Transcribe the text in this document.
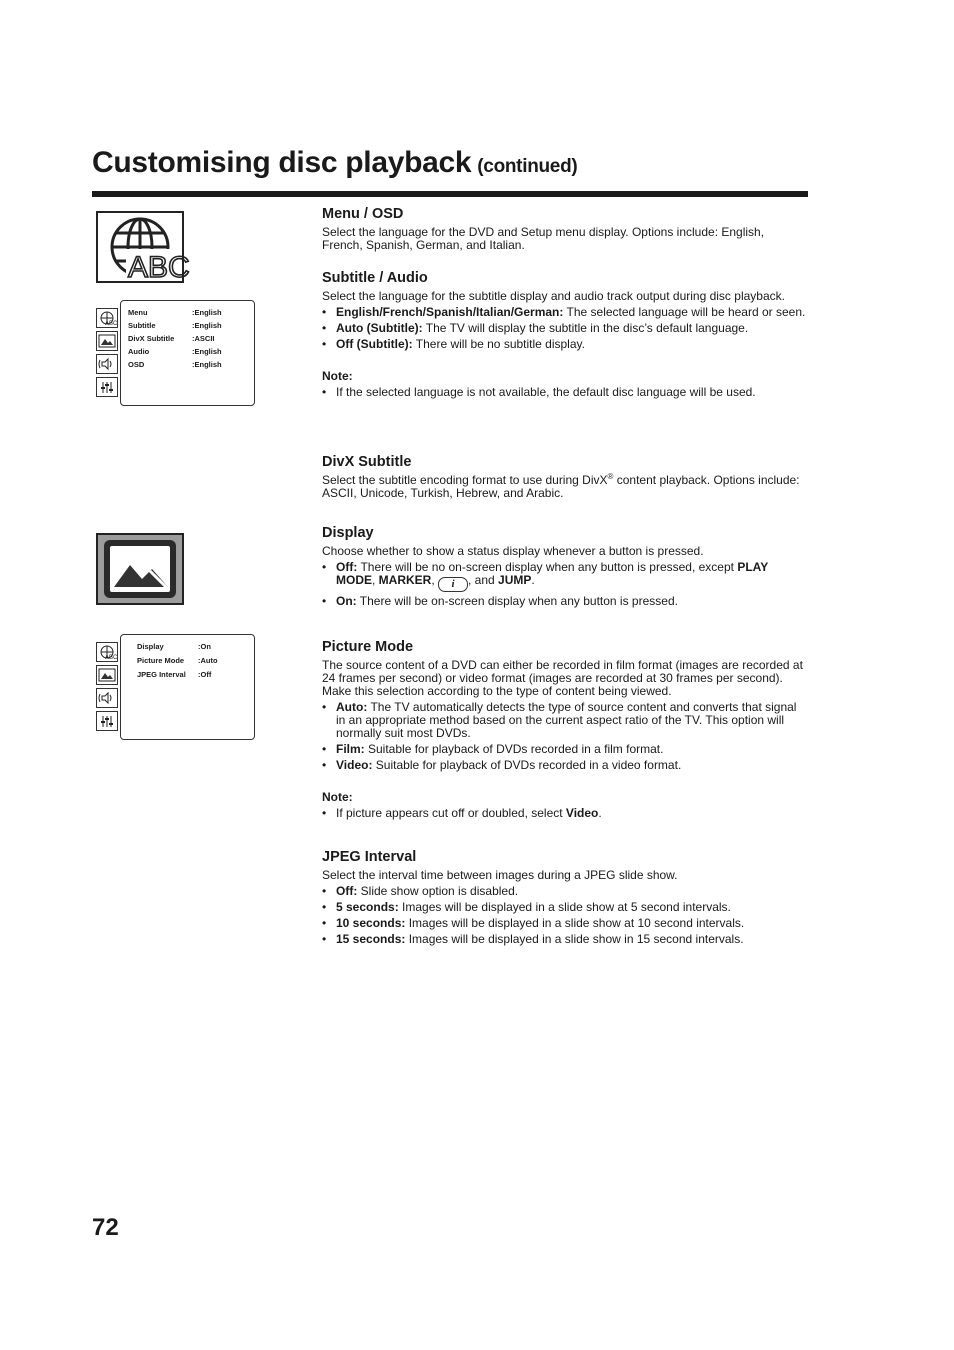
Customising disc playback (continued)
ABC
ABC
Menu	:English
Subtitle	:English
DivX Subtitle	:ASCII
Audio	:English
OSD	:English
ABC
Display	:On
Picture Mode	:Auto
JPEG Interval	:Off
Menu / OSD

Select the language for the DVD and Setup menu display. Options include: English, French, Spanish, German, and Italian.

Subtitle / Audio

Select the language for the subtitle display and audio track output during disc playback.

• English/French/Spanish/Italian/German: The selected language will be heard or seen.
• Auto (Subtitle): The TV will display the subtitle in the disc’s default language.
• Off (Subtitle): There will be no subtitle display.

Note:

• If the selected language is not available, the default disc language will be used.
DivX Subtitle

Select the subtitle encoding format to use during DivX® content playback. Options include: ASCII, Unicode, Turkish, Hebrew, and Arabic.

Display

Choose whether to show a status display whenever a button is pressed.

• Off: There will be no on-screen display when any button is pressed, except PLAY MODE, MARKER, i , and JUMP.
• On: There will be on-screen display when any button is pressed.
Picture Mode

The source content of a DVD can either be recorded in film format (images are recorded at 24 frames per second) or video format (images are recorded at 30 frames per second). Make this selection according to the type of content being viewed.

• Auto: The TV automatically detects the type of source content and converts that signal in an appropriate method based on the current aspect ratio of the TV. This option will normally suit most DVDs.
• Film: Suitable for playback of DVDs recorded in a film format.
• Video: Suitable for playback of DVDs recorded in a video format.

Note:

• If picture appears cut off or doubled, select Video.
JPEG Interval

Select the interval time between images during a JPEG slide show.

• Off: Slide show option is disabled.
• 5 seconds: Images will be displayed in a slide show at 5 second intervals.
• 10 seconds: Images will be displayed in a slide show at 10 second intervals.
• 15 seconds: Images will be displayed in a slide show in 15 second intervals.
72
